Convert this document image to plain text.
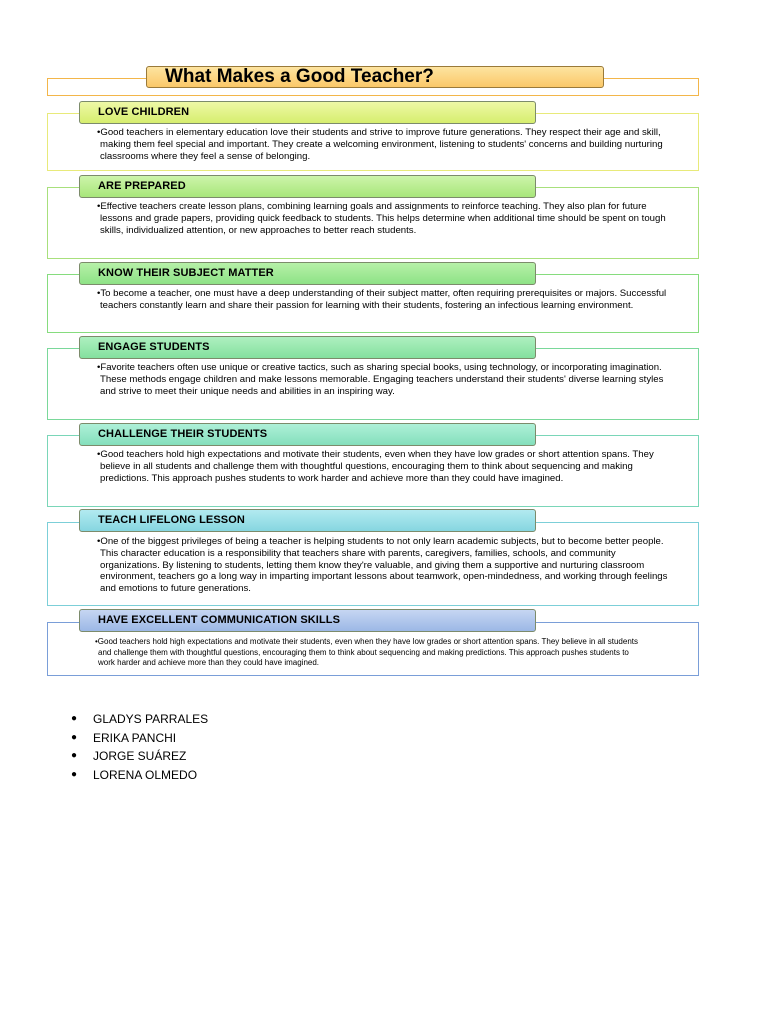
What Makes a Good Teacher?
•Good teachers in elementary education love their students and strive to improve future generations. They respect their age and skill, making them feel special and important. They create a welcoming environment, listening to students' concerns and building nurturing classrooms where they feel a sense of belonging.
LOVE CHILDREN
•Effective teachers create lesson plans, combining learning goals and assignments to reinforce teaching. They also plan for future lessons and grade papers, providing quick feedback to students. This helps determine when additional time should be spent on tough skills, individualized attention, or new approaches to better reach students.
ARE PREPARED
•To become a teacher, one must have a deep understanding of their subject matter, often requiring prerequisites or majors. Successful teachers constantly learn and share their passion for learning with their students, fostering an infectious learning environment.
KNOW THEIR SUBJECT MATTER
•Favorite teachers often use unique or creative tactics, such as sharing special books, using technology, or incorporating imagination. These methods engage children and make lessons memorable. Engaging teachers understand their students' diverse learning styles and strive to meet their unique needs and abilities in an inspiring way.
ENGAGE STUDENTS
•Good teachers hold high expectations and motivate their students, even when they have low grades or short attention spans. They believe in all students and challenge them with thoughtful questions, encouraging them to think about sequencing and making predictions. This approach pushes students to work harder and achieve more than they could have imagined.
CHALLENGE THEIR STUDENTS
•One of the biggest privileges of being a teacher is helping students to not only learn academic subjects, but to become better people. This character education is a responsibility that teachers share with parents, caregivers, families, schools, and community organizations. By listening to students, letting them know they're valuable, and giving them a supportive and nurturing classroom environment, teachers go a long way in imparting important lessons about teamwork, open-mindedness, and working through feelings and emotions to future generations.
TEACH LIFELONG LESSON
•Good teachers hold high expectations and motivate their students, even when they have low grades or short attention spans. They believe in all students and challenge them with thoughtful questions, encouraging them to think about sequencing and making predictions. This approach pushes students to work harder and achieve more than they could have imagined.
HAVE EXCELLENT COMMUNICATION SKILLS
● GLADYS PARRALES
● ERIKA PANCHI
● JORGE SUÁREZ
● LORENA OLMEDO
